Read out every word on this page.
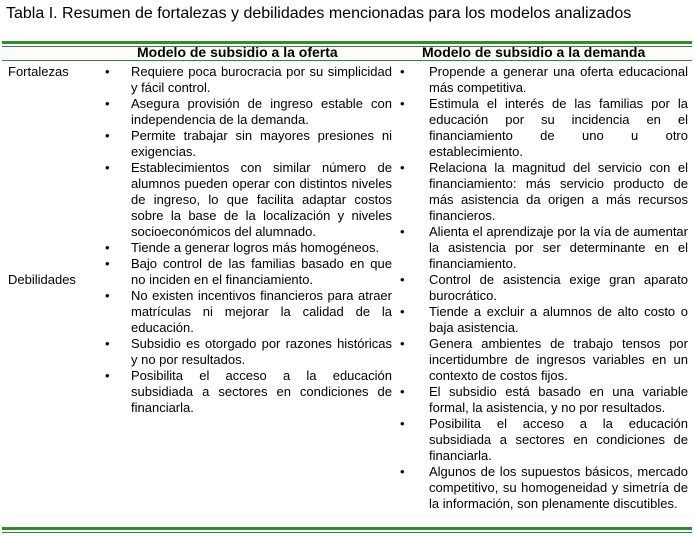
Tabla I. Resumen de fortalezas y debilidades mencionadas para los modelos analizados
Modelo de subsidio a la oferta	Modelo de subsidio a la demanda
Fortalezas
Debilidades
• Requiere poca burocracia por su simplicidad y fácil control.
• Asegura provisión de ingreso estable con independencia de la demanda.
• Permite trabajar sin mayores presiones ni exigencias.
• Establecimientos con similar número de alumnos pueden operar con distintos niveles de ingreso, lo que facilita adaptar costos sobre la base de la localización y niveles socioeconómicos del alumnado.
• Tiende a generar logros más homogéneos.
• Bajo control de las familias basado en que no inciden en el financiamiento.
• No existen incentivos financieros para atraer matrículas ni mejorar la calidad de la educación.
• Subsidio es otorgado por razones históricas y no por resultados.
• Posibilita el acceso a la educación subsidiada a sectores en condiciones de financiarla.
• Propende a generar una oferta educacional más competitiva.
• Estimula el interés de las familias por la educación por su incidencia en el financiamiento de uno u otro establecimiento.
• Relaciona la magnitud del servicio con el financiamiento: más servicio producto de más asistencia da origen a más recursos financieros.
• Alienta el aprendizaje por la vía de aumentar la asistencia por ser determinante en el financiamiento.
• Control de asistencia exige gran aparato burocrático.
• Tiende a excluir a alumnos de alto costo o baja asistencia.
• Genera ambientes de trabajo tensos por incertidumbre de ingresos variables en un contexto de costos fijos.
• El subsidio está basado en una variable formal, la asistencia, y no por resultados.
• Posibilita el acceso a la educación subsidiada a sectores en condiciones de financiarla.
• Algunos de los supuestos básicos, mercado competitivo, su homogeneidad y simetría de la información, son plenamente discutibles.
